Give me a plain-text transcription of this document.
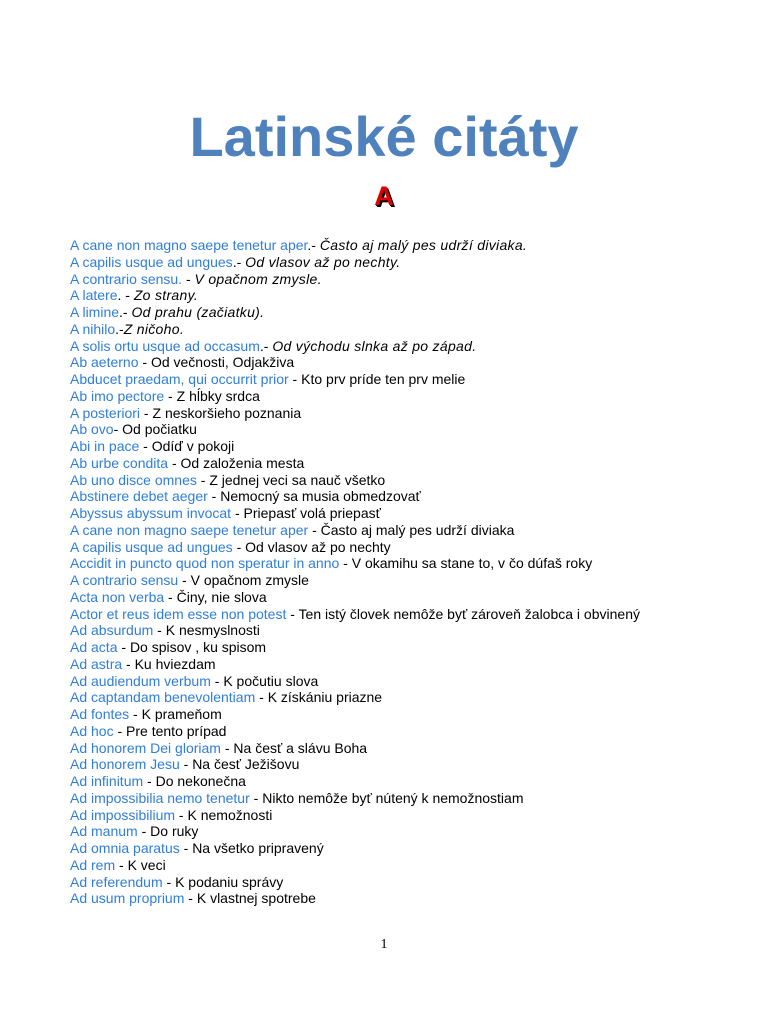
Latinské citáty
A
A cane non magno saepe tenetur aper.- Často aj malý pes udrží diviaka.
A capilis usque ad ungues.- Od vlasov až po nechty.
A contrario sensu. - V opačnom zmysle.
A latere. - Zo strany.
A limine.- Od prahu (začiatku).
A nihilo.-Z ničoho.
A solis ortu usque ad occasum.- Od východu slnka až po západ.
Ab aeterno - Od večnosti, Odjakživa
Abducet praedam, qui occurrit prior - Kto prv príde ten prv melie
Ab imo pectore - Z hĺbky srdca
A posteriori - Z neskoršieho poznania
Ab ovo- Od počiatku
Abi in pace - Odíď v pokoji
Ab urbe condita - Od založenia mesta
Ab uno disce omnes - Z jednej veci sa nauč všetko
Abstinere debet aeger - Nemocný sa musia obmedzovať
Abyssus abyssum invocat - Priepasť volá priepasť
A cane non magno saepe tenetur aper - Často aj malý pes udrží diviaka
A capilis usque ad ungues - Od vlasov až po nechty
Accidit in puncto quod non speratur in anno - V okamihu sa stane to, v čo dúfaš roky
A contrario sensu - V opačnom zmysle
Acta non verba - Činy, nie slova
Actor et reus idem esse non potest - Ten istý človek nemôže byť zároveň žalobca i obvinený
Ad absurdum - K nesmyslnosti
Ad acta - Do spisov , ku spisom
Ad astra - Ku hviezdam
Ad audiendum verbum - K počutiu slova
Ad captandam benevolentiam - K získániu priazne
Ad fontes - K prameňom
Ad hoc - Pre tento prípad
Ad honorem Dei gloriam - Na česť a slávu Boha
Ad honorem Jesu - Na česť Ježišovu
Ad infinitum - Do nekonečna
Ad impossibilia nemo tenetur - Nikto nemôže byť nútený k nemožnostiam
Ad impossibilium - K nemožnosti
Ad manum - Do ruky
Ad omnia paratus - Na všetko pripravený
Ad rem - K veci
Ad referendum - K podaniu správy
Ad usum proprium - K vlastnej spotrebe
1
